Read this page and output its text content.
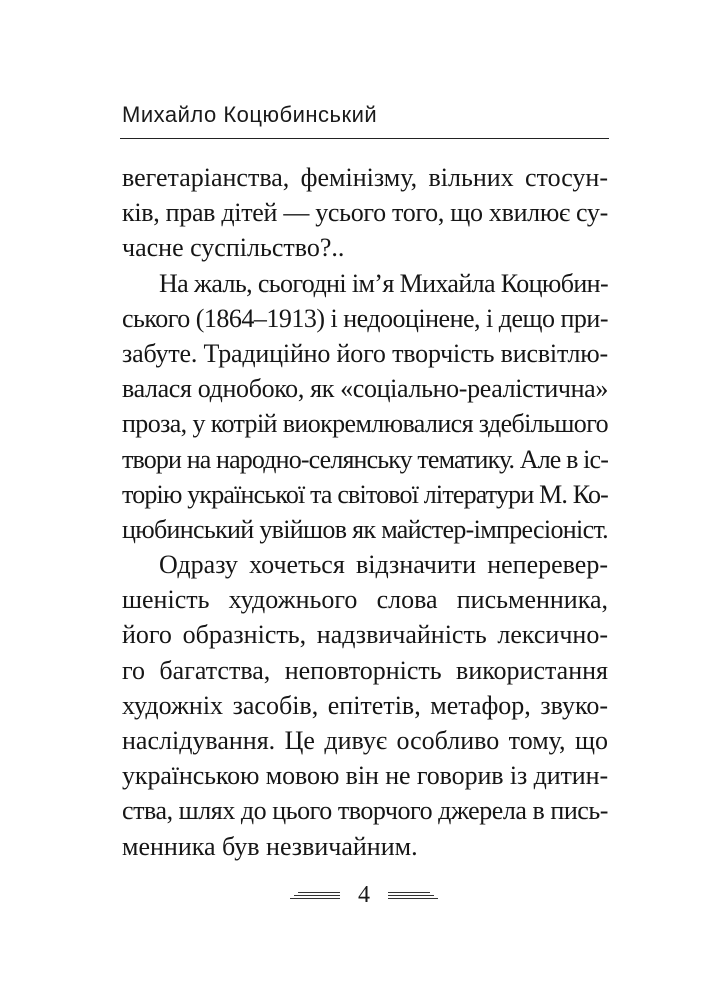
Михайло Коцюбинський
вегетаріанства, фемінізму, вільних стосун-
ків, прав дітей — усього того, що хвилює су-
часне суспільство?..
На жаль, сьогодні ім’я Михайла Коцюбин-
ського (1864–1913) і недооцінене, і дещо при-
забуте. Традиційно його творчість висвітлю-
валася однобоко, як «соціально-реалістична»
проза, у котрій виокремлювалися здебільшого
твори на народно-селянську тематику. Але в іс-
торію української та світової літератури М. Ко-
цюбинський увійшов як майстер-імпресіоніст.
Одразу хочеться відзначити неперевер-
шеність художнього слова письменника,
його образність, надзвичайність лексично-
го багатства, неповторність використання
художніх засобів, епітетів, метафор, звуко-
наслідування. Це дивує особливо тому, що
українською мовою він не говорив із дитин-
ства, шлях до цього творчого джерела в пись-
менника був незвичайним.
4
